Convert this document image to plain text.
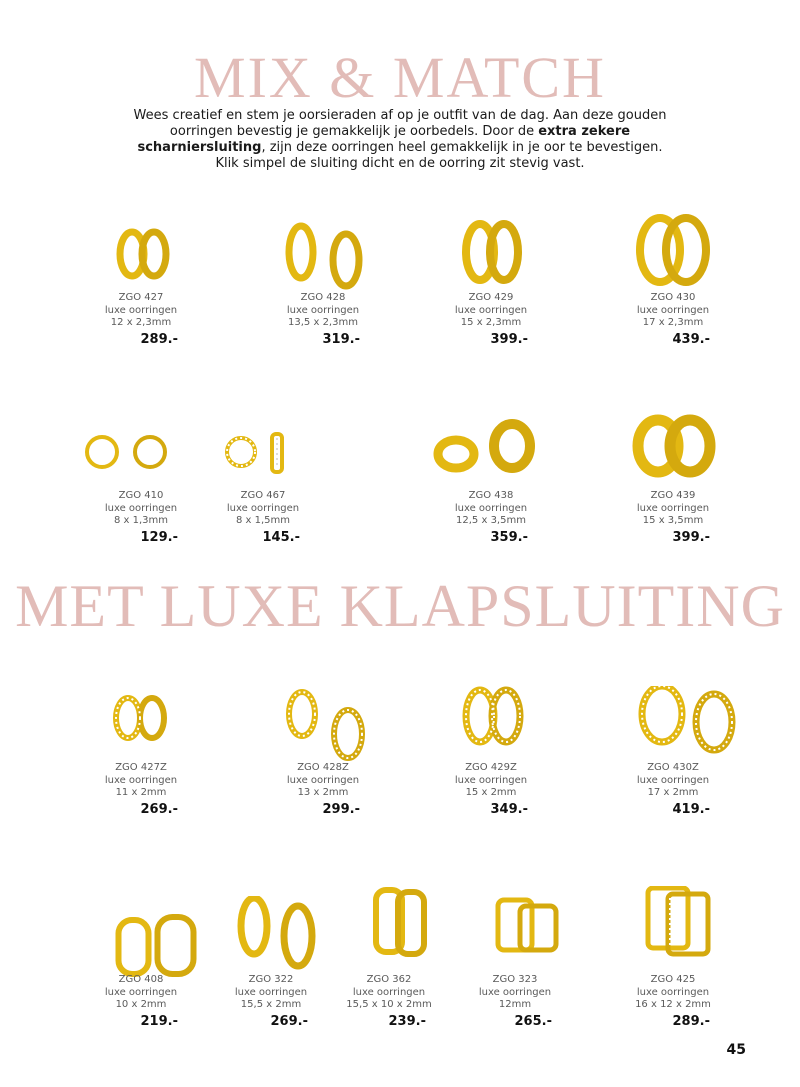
MIX & MATCH
Wees creatief en stem je oorsieraden af op je outfit van de dag. Aan deze gouden oorringen bevestig je gemakkelijk je oorbedels. Door de extra zekere scharniersluiting, zijn deze oorringen heel gemakkelijk in je oor te bevestigen. Klik simpel de sluiting dicht en de oorring zit stevig vast.
MET LUXE KLAPSLUITING
ZGO 427
luxe oorringen
12 x 2,3mm
289.-
ZGO 428
luxe oorringen
13,5 x 2,3mm
319.-
ZGO 429
luxe oorringen
15 x 2,3mm
399.-
ZGO 430
luxe oorringen
17 x 2,3mm
439.-
ZGO 410
luxe oorringen
8 x 1,3mm
129.-
ZGO 467
luxe oorringen
8 x 1,5mm
145.-
ZGO 438
luxe oorringen
12,5 x 3,5mm
359.-
ZGO 439
luxe oorringen
15 x 3,5mm
399.-
ZGO 427Z
luxe oorringen
11 x 2mm
269.-
ZGO 428Z
luxe oorringen
13 x 2mm
299.-
ZGO 429Z
luxe oorringen
15 x 2mm
349.-
ZGO 430Z
luxe oorringen
17 x 2mm
419.-
ZGO 408
luxe oorringen
10 x 2mm
219.-
ZGO 322
luxe oorringen
15,5 x 2mm
269.-
ZGO 362
luxe oorringen
15,5 x 10 x 2mm
239.-
ZGO 323
luxe oorringen
12mm
265.-
ZGO 425
luxe oorringen
16 x 12 x 2mm
289.-
45
